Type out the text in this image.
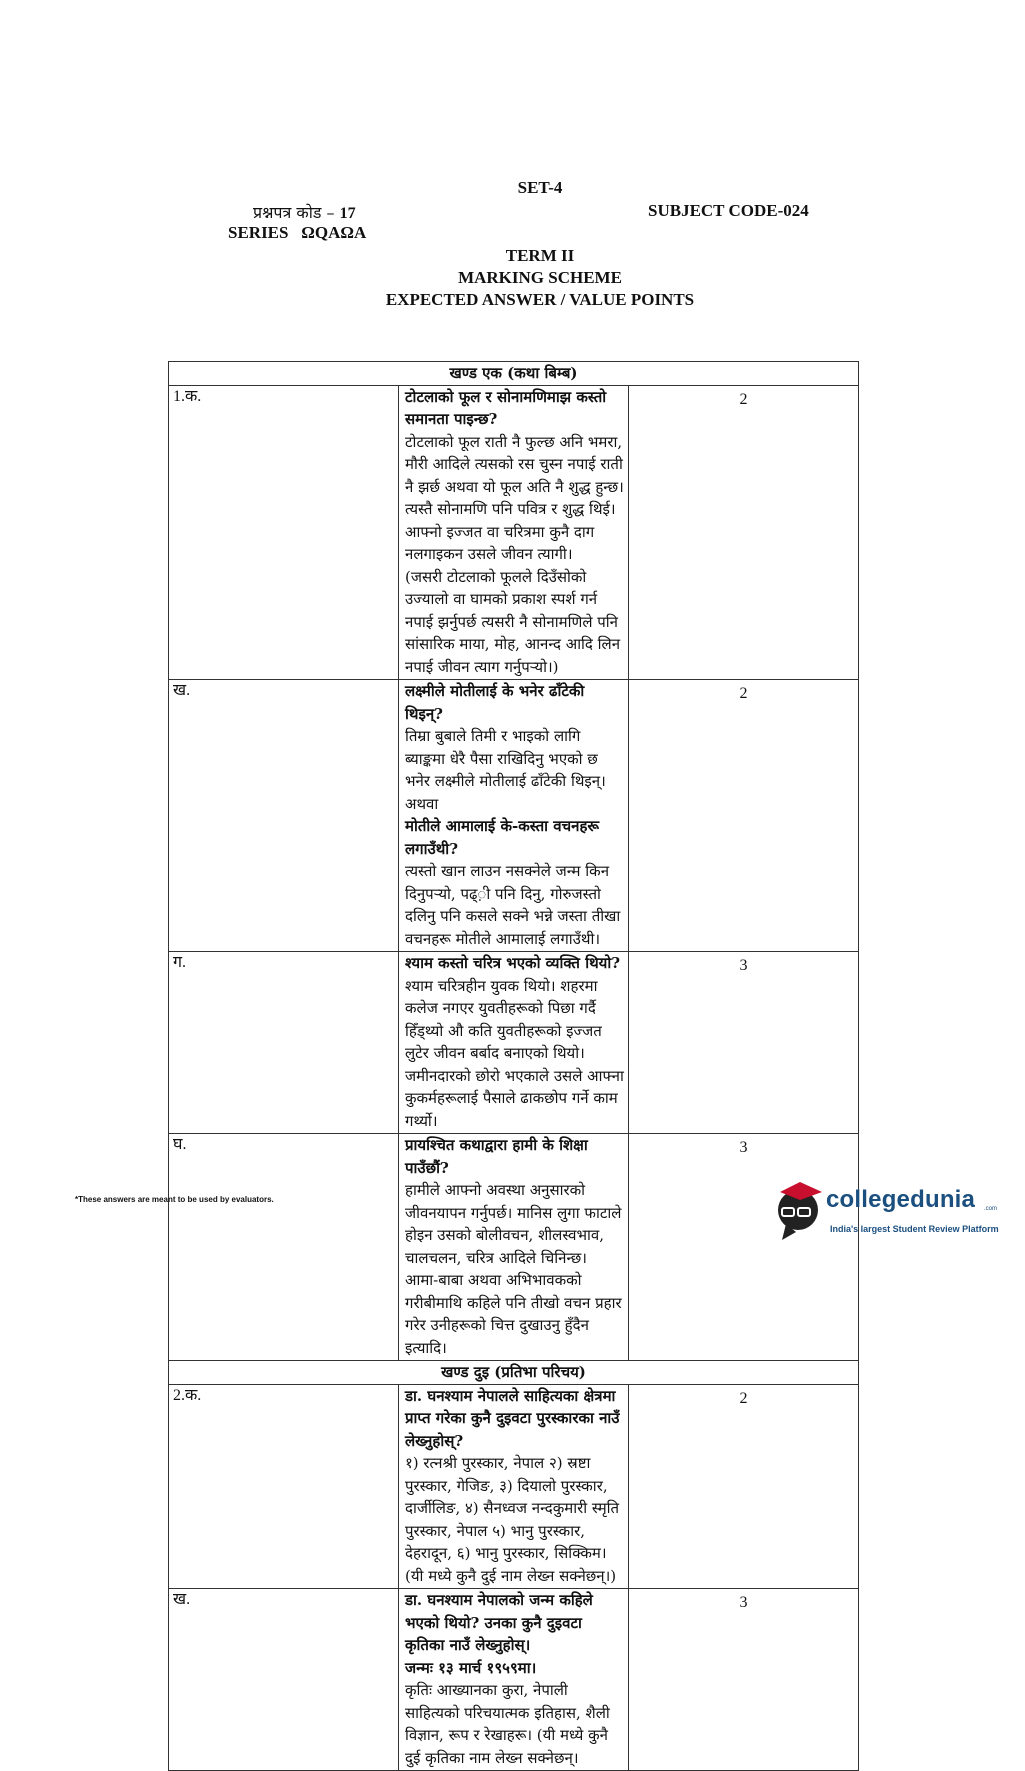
SET-4
प्रश्नपत्र कोड – 17	SUBJECT CODE-024
SERIES   ΩQAΩA
TERM II
MARKING SCHEME
EXPECTED ANSWER / VALUE POINTS
खण्ड एक (कथा बिम्ब)		
1.क.	टोटलाको फूल र सोनामणिमाझ कस्तो समानता पाइन्छ?
टोटलाको फूल राती नै फुल्छ अनि भमरा, मौरी आदिले त्यसको रस चुस्न नपाई राती नै झर्छ अथवा यो फूल अति नै शुद्ध हुन्छ। त्यस्तै सोनामणि पनि पवित्र र शुद्ध थिई। आफ्नो इज्जत वा चरित्रमा कुनै दाग नलगाइकन उसले जीवन त्यागी।
(जसरी टोटलाको फूलले दिउँसोको उज्यालो वा घामको प्रकाश स्पर्श गर्न नपाई झर्नुपर्छ त्यसरी नै सोनामणिले पनि सांसारिक माया, मोह, आनन्द आदि लिन नपाई जीवन त्याग गर्नुपर्‍यो।)	2
ख.	लक्ष्मीले मोतीलाई के भनेर ढाँटेकी थिइन्?
तिम्रा बुबाले तिमी र भाइको लागि ब्याङ्कमा धेरै पैसा राखिदिनु भएको छ भनेर लक्ष्मीले मोतीलाई ढाँटेकी थिइन्।
अथवा
मोतीले आमालाई के-कस्ता वचनहरू लगाउँथी?
त्यस्तो खान लाउन नसक्नेले जन्म किन दिनुपर्‍यो, पढ्‌़ी पनि दिनु, गोरुजस्तो दलिनु पनि कसले सक्ने भन्ने जस्ता तीखा वचनहरू मोतीले आमालाई लगाउँथी।	2
ग.	श्याम कस्तो चरित्र भएको व्यक्ति थियो?
श्याम चरित्रहीन युवक थियो। शहरमा कलेज नगएर युवतीहरूको पिछा गर्दै हिँड्थ्यो औ कति युवतीहरूको इज्जत लुटेर जीवन बर्बाद बनाएको थियो। जमीनदारको छोरो भएकाले उसले आफ्ना कुकर्महरूलाई पैसाले ढाकछोप गर्ने काम गर्थ्यो।	3
घ.	प्रायश्चित कथाद्वारा हामी के शिक्षा पाउँछौं?
हामीले आफ्नो अवस्था अनुसारको जीवनयापन गर्नुपर्छ। मानिस लुगा फाटाले होइन उसको बोलीवचन, शीलस्वभाव, चालचलन, चरित्र आदिले चिनिन्छ। आमा-बाबा अथवा अभिभावकको गरीबीमाथि कहिले पनि तीखो वचन प्रहार गरेर उनीहरूको चित्त दुखाउनु हुँदैन इत्यादि।	3
खण्ड दुइ (प्रतिभा परिचय)		
2.क.	डा. घनश्याम नेपालले साहित्यका क्षेत्रमा प्राप्त गरेका कुनै दुइवटा पुरस्कारका नाउँ लेख्नुहोस्?
१) रत्नश्री पुरस्कार, नेपाल २) स्रष्टा पुरस्कार, गेजिङ, ३) दियालो पुरस्कार, दार्जीलिङ, ४) सैनध्वज नन्दकुमारी स्मृति पुरस्कार, नेपाल ५) भानु पुरस्कार, देहरादून, ६) भानु पुरस्कार, सिक्किम।
(यी मध्ये कुनै दुई नाम लेख्न सक्नेछन्।)	2
ख.	डा. घनश्याम नेपालको जन्म कहिले भएको थियो? उनका कुनै दुइवटा कृतिका नाउँ लेख्नुहोस्।
जन्मः १३ मार्च १९५९मा।
कृतिः आख्यानका कुरा, नेपाली साहित्यको परिचयात्मक इतिहास, शैली विज्ञान, रूप र रेखाहरू। (यी मध्ये कुनै दुई कृतिका नाम लेख्न सक्नेछन्।	3
*These answers are meant to be used by evaluators.	collegedunia .com
India's largest Student Review Platform
